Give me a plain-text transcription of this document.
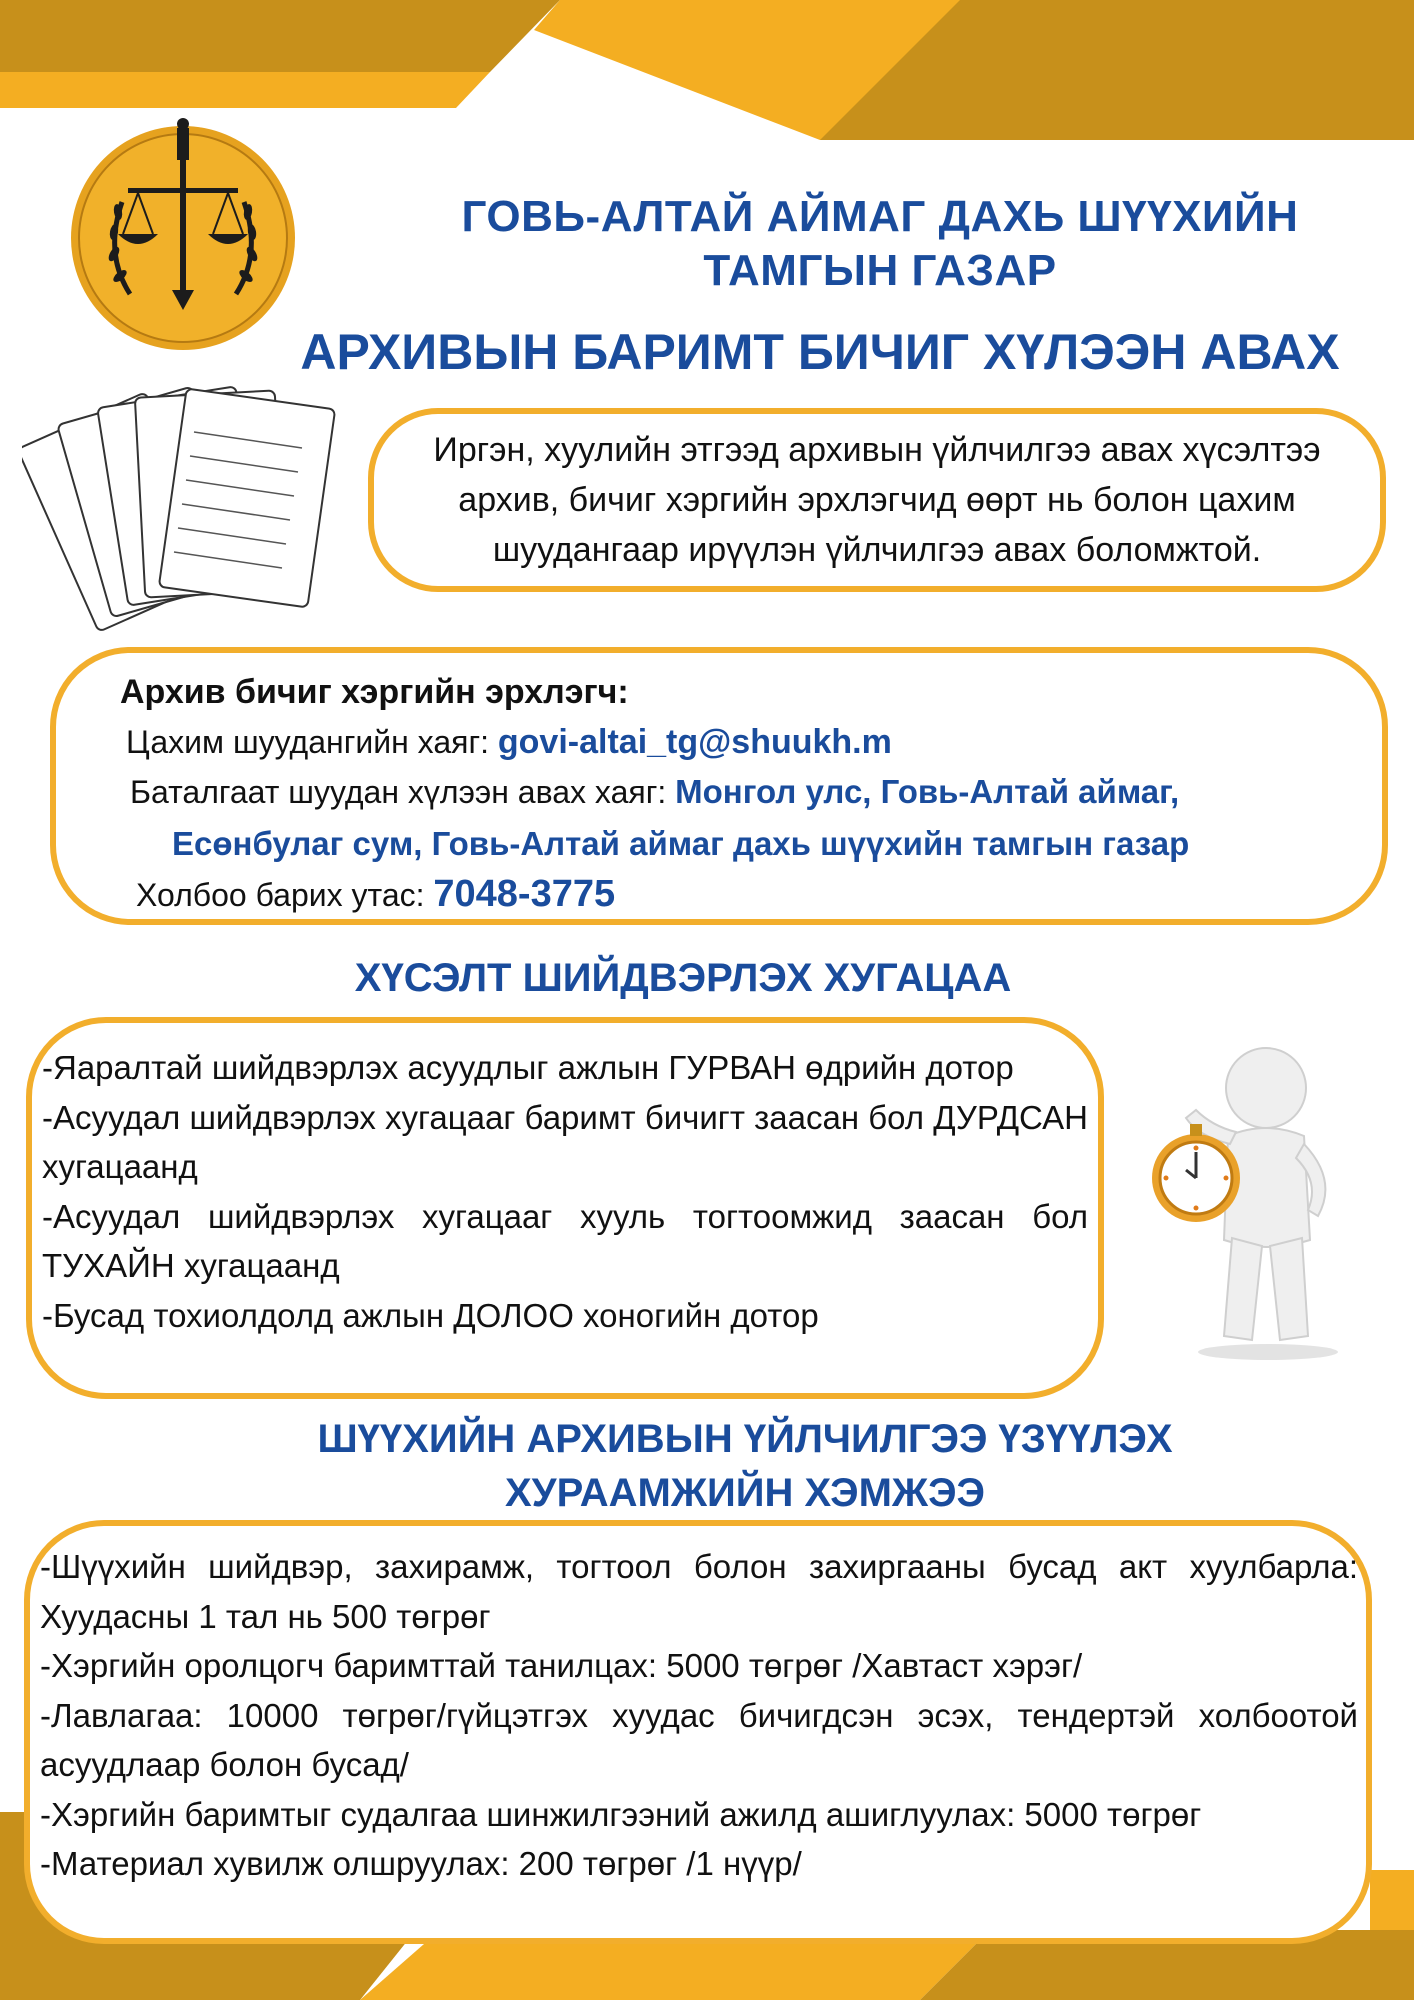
ГОВЬ-АЛТАЙ АЙМАГ ДАХЬ ШҮҮХИЙН
ТАМГЫН ГАЗАР
АРХИВЫН БАРИМТ БИЧИГ ХҮЛЭЭН АВАХ
Иргэн, хуулийн этгээд архивын үйлчилгээ авах хүсэлтээ архив, бичиг хэргийн эрхлэгчид өөрт нь болон цахим шуудангаар ирүүлэн үйлчилгээ авах боломжтой.
Архив бичиг хэргийн эрхлэгч:
Цахим шуудангийн хаяг: govi-altai_tg@shuukh.m
Баталгаат шуудан хүлээн авах хаяг: Монгол улс, Говь-Алтай аймаг,
Есөнбулаг сум, Говь-Алтай аймаг дахь шүүхийн тамгын газар
Холбоо барих утас: 7048-3775
ХҮСЭЛТ ШИЙДВЭРЛЭХ ХУГАЦАА
-Яаралтай шийдвэрлэх асуудлыг ажлын ГУРВАН өдрийн дотор
-Асуудал шийдвэрлэх хугацааг баримт бичигт заасан бол ДУРДСАН хугацаанд
-Асуудал шийдвэрлэх хугацааг хууль тогтоомжид заасан бол ТУХАЙН хугацаанд
-Бусад тохиолдолд ажлын ДОЛОО хоногийн дотор
ШҮҮХИЙН АРХИВЫН ҮЙЛЧИЛГЭЭ ҮЗҮҮЛЭХ
ХУРААМЖИЙН ХЭМЖЭЭ
-Шүүхийн шийдвэр, захирамж, тогтоол болон захиргааны бусад акт хуулбарла: Хуудасны 1 тал нь 500 төгрөг
-Хэргийн оролцогч баримттай танилцах: 5000 төгрөг /Хавтаст хэрэг/
-Лавлагаа: 10000 төгрөг/гүйцэтгэх хуудас бичигдсэн эсэх, тендертэй холбоотой асуудлаар болон бусад/
-Хэргийн баримтыг судалгаа шинжилгээний ажилд ашиглуулах: 5000 төгрөг
-Материал хувилж олшруулах: 200 төгрөг /1 нүүр/
